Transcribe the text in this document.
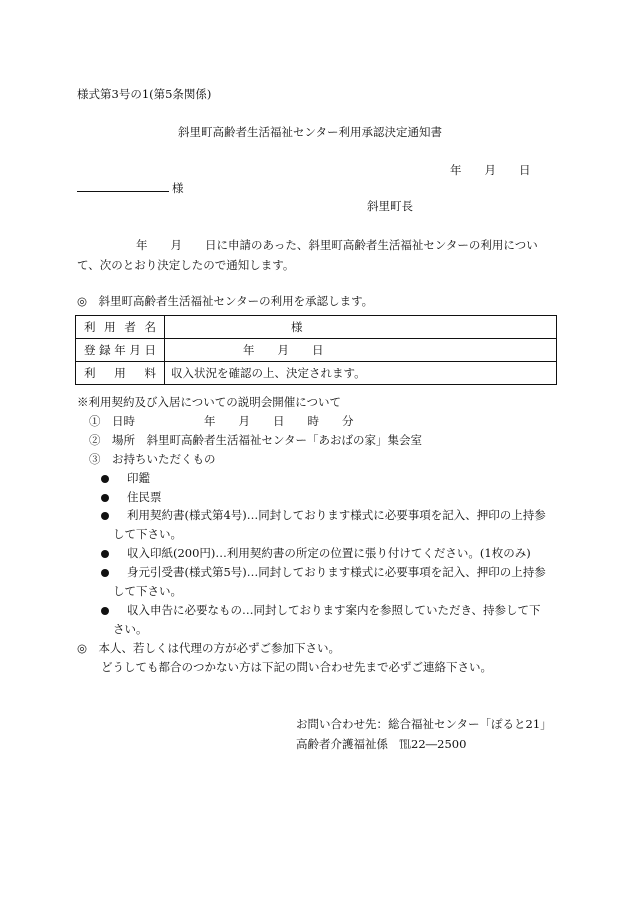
様式第3号の1(第5条関係)
斜里町高齢者生活福祉センター利用承認決定通知書
年　　月　　日
様
斜里町長
年　　月　　日に申請のあった、斜里町高齢者生活福祉センターの利用につい
て、次のとおり決定したので通知します。
◎　斜里町高齢者生活福祉センターの利用を承認します。
利用者名	様
登録年月日	年　　月　　日
利　用　料	収入状況を確認の上、決定されます。
※利用契約及び入居についての説明会開催について
①　日時　　　　　　年　　月　　日　　時　　分
②　場所　斜里町高齢者生活福祉センター「あおばの家」集会室
③　お持ちいただくもの
印鑑
住民票
利用契約書(様式第4号)…同封しております様式に必要事項を記入、押印の上持参
して下さい。
収入印紙(200円)…利用契約書の所定の位置に張り付けてください。(1枚のみ)
身元引受書(様式第5号)…同封しております様式に必要事項を記入、押印の上持参
して下さい。
収入申告に必要なもの…同封しております案内を参照していただき、持参して下
さい。
◎　本人、若しくは代理の方が必ずご参加下さい。
どうしても都合のつかない方は下記の問い合わせ先まで必ずご連絡下さい。
お問い合わせ先：総合福祉センター「ぽると21」
高齢者介護福祉係　℡22―2500
